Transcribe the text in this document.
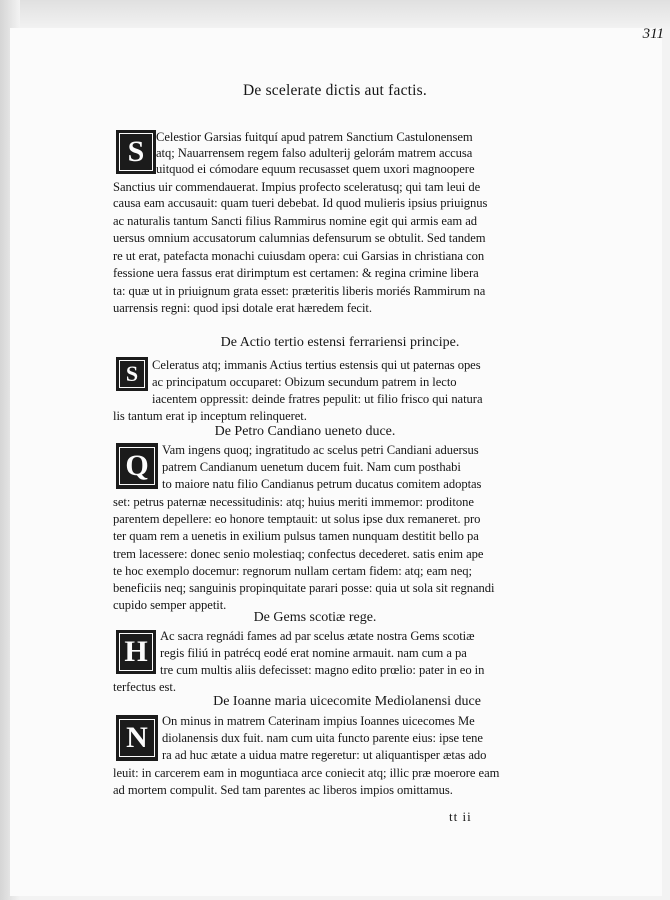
311
De scelerate dictis aut factis.
S Celestior Garsias fuitquí apud patrem Sanctium Castulonensem
atq; Nauarrensem regem falso adulterij gelorám matrem accusa
uitquod ei cómodare equum recusasset quem uxori magnoopere
Sanctius uir commendauerat. Impius profecto sceleratusq; qui tam leui de
causa eam accusauit: quam tueri debebat. Id quod mulieris ipsius priuignus
ac naturalis tantum Sancti filius Rammirus nomine egit qui armis eam ad
uersus omnium accusatorum calumnias defensurum se obtulit. Sed tandem
re ut erat, patefacta monachi cuiusdam opera: cui Garsias in christiana con
fessione uera fassus erat dirimptum est certamen: & regina crimine libera
ta: quæ ut in priuignum grata esset: præteritis liberis moriés Rammirum na
uarrensis regni: quod ipsi dotale erat hæredem fecit.
De Actio tertio estensi ferrariensi principe.
S	Celeratus atq; immanis Actius tertius estensis qui ut paternas opes
ac principatum occuparet: Obizum secundum patrem in lecto
iacentem oppressit: deinde fratres pepulit: ut filio frisco qui natura
lis tantum erat ip inceptum relinqueret.
De Petro Candiano ueneto duce.
Q	Vam ingens quoq; ingratitudo ac scelus petri Candiani aduersus
patrem Candianum uenetum ducem fuit. Nam cum posthabi
to maiore natu filio Candianus petrum ducatus comitem adoptas
set: petrus paternæ necessitudinis: atq; huius meriti immemor: proditone
parentem depellere: eo honore temptauit: ut solus ipse dux remaneret. pro
ter quam rem a uenetis in exilium pulsus tamen nunquam destitit bello pa
trem lacessere: donec senio molestiaq; confectus decederet. satis enim ape
te hoc exemplo docemur: regnorum nullam certam fidem: atq; eam neq;
beneficiis neq; sanguinis propinquitate parari posse: quia ut sola sit regnandi
cupido semper appetit.
De Gems scotiæ rege.
H Ac sacra regnádi fames ad par scelus ætate nostra Gems scotiæ
regis filiú in patrécq eodé erat nomine armauit. nam cum a pa
tre cum multis aliis defecisset: magno edito prœlio: pater in eo in
terfectus est.
De Ioanne maria uicecomite Mediolanensi duce
N	On minus in matrem Caterinam impius Ioannes uicecomes Me
diolanensis dux fuit. nam cum uita functo parente eius: ipse tene
ra ad huc ætate a uidua matre regeretur: ut aliquantisper ætas ado
leuit: in carcerem eam in moguntiaca arce coniecit atq; illic præ moerore eam
ad mortem compulit. Sed tam parentes ac liberos impios omittamus.
tt ii
